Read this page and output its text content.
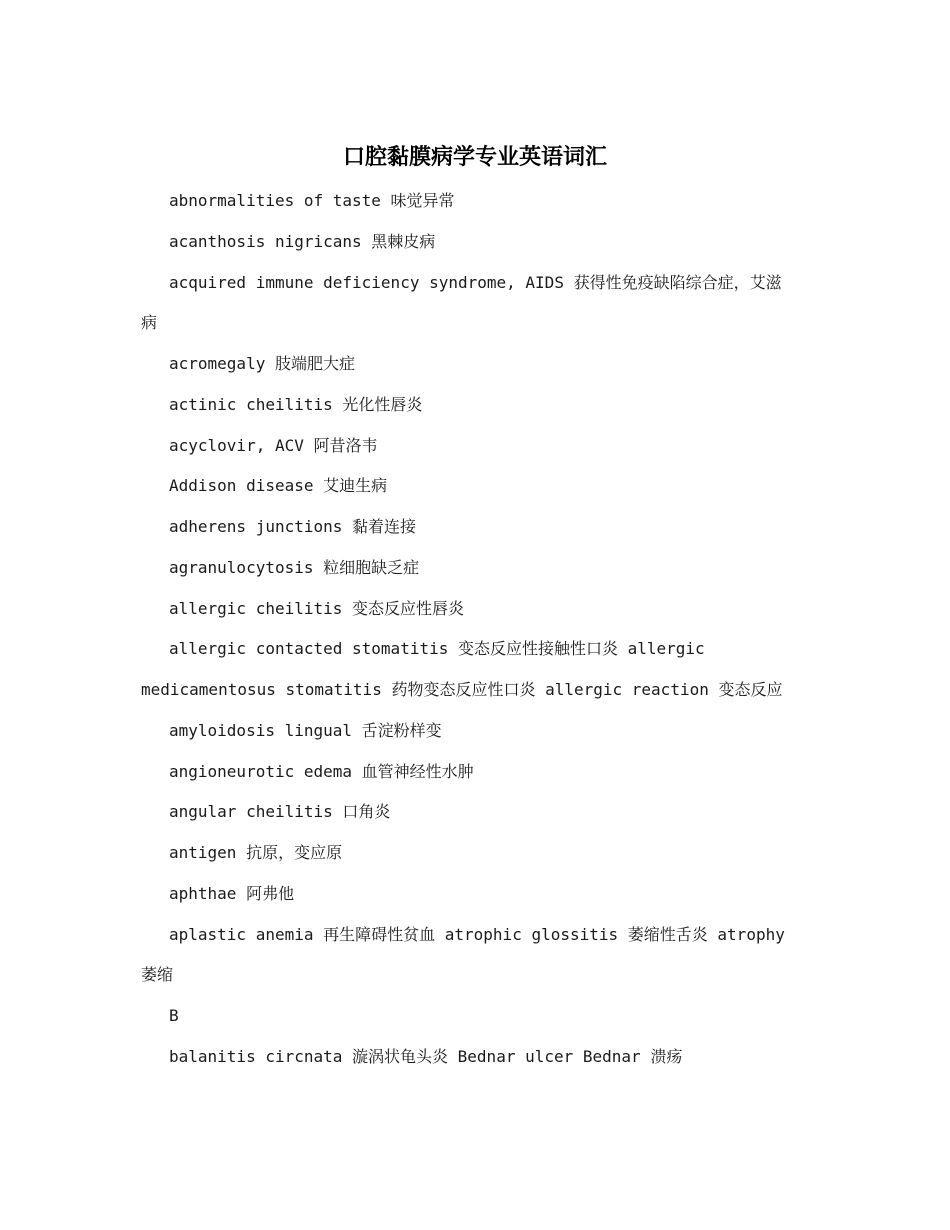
口腔黏膜病学专业英语词汇

abnormalities of taste 味觉异常

acanthosis nigricans 黑棘皮病

acquired immune deficiency syndrome, AIDS 获得性免疫缺陷综合症，艾滋

病

acromegaly 肢端肥大症

actinic cheilitis 光化性唇炎

acyclovir, ACV 阿昔洛韦

Addison disease 艾迪生病

adherens junctions 黏着连接

agranulocytosis 粒细胞缺乏症

allergic cheilitis 变态反应性唇炎

allergic contacted stomatitis 变态反应性接触性口炎 allergic

medicamentosus stomatitis 药物变态反应性口炎 allergic reaction 变态反应

amyloidosis lingual 舌淀粉样变

angioneurotic edema 血管神经性水肿

angular cheilitis 口角炎

antigen 抗原，变应原

aphthae 阿弗他

aplastic anemia 再生障碍性贫血 atrophic glossitis 萎缩性舌炎 atrophy

萎缩

B

balanitis circnata 漩涡状龟头炎 Bednar ulcer Bednar 溃疡
